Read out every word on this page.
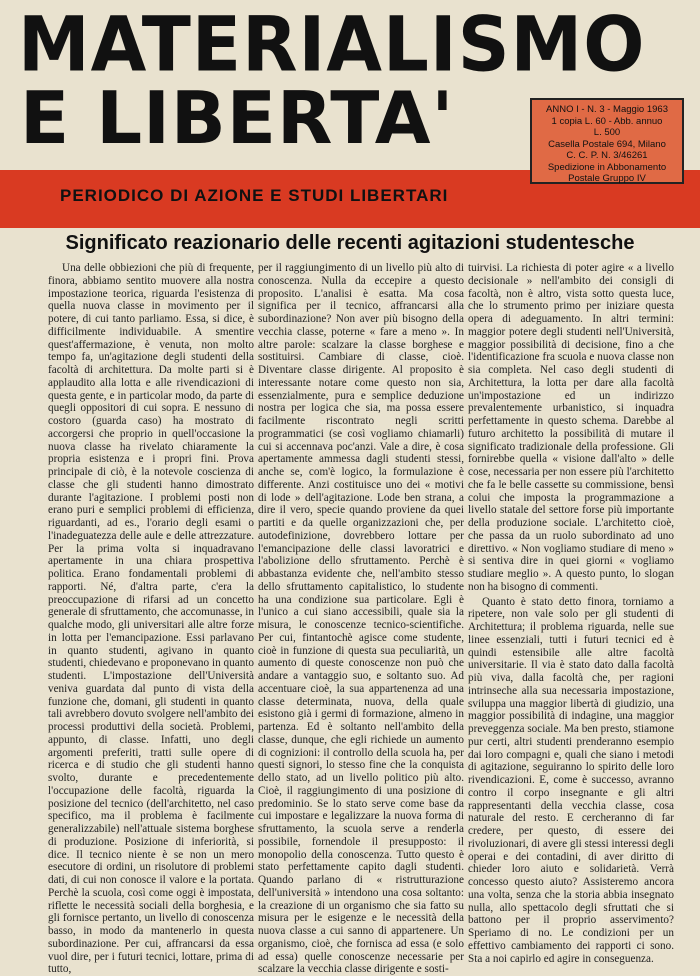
MATERIALISMO
E LIBERTA'
PERIODICO DI AZIONE E STUDI LIBERTARI
ANNO I - N. 3 - Maggio 1963
1 copia L. 60 - Abb. annuo
L. 500
Casella Postale 694, Milano
C. C. P. N. 3/46261
Spedizione in Abbonamento
Postale Gruppo IV
Significato reazionario delle recenti agitazioni studentesche

Una delle obbiezioni che più di frequente, finora, abbiamo sentito muovere alla nostra impostazione teorica, riguarda l'esistenza di quella nuova classe in movimento per il potere, di cui tanto parliamo. Essa, si dice, è difficilmente individuabile. A smentire quest'affermazione, è venuta, non molto tempo fa, un'agitazione degli studenti della facoltà di architettura. Da molte parti si è applaudito alla lotta e alle rivendicazioni di questa gente, e in particolar modo, da parte di quegli oppositori di cui sopra. E nessuno di costoro (guarda caso) ha mostrato di accorgersi che proprio in quell'occasione la nuova classe ha rivelato chiaramente la propria esistenza e i propri fini. Prova principale di ciò, è la notevole coscienza di classe che gli studenti hanno dimostrato durante l'agitazione. I problemi posti non erano puri e semplici problemi di efficienza, riguardanti, ad es., l'orario degli esami o l'inadeguatezza delle aule e delle attrezzature. Per la prima volta si inquadravano apertamente in una chiara prospettiva politica. Erano fondamentali problemi di rapporti. Né, d'altra parte, c'era la preoccupazione di rifarsi ad un concetto generale di sfruttamento, che accomunasse, in qualche modo, gli universitari alle altre forze in lotta per l'emancipazione. Essi parlavano in quanto studenti, agivano in quanto studenti, chiedevano e proponevano in quanto studenti. L'impostazione dell'Università veniva guardata dal punto di vista della funzione che, domani, gli studenti in quanto tali avrebbero dovuto svolgere nell'ambito dei processi produttivi della società. Problemi, appunto, di classe. Infatti, uno degli argomenti preferiti, tratti sulle opere di ricerca e di studio che gli studenti hanno svolto, durante e precedentemente l'occupazione delle facoltà, riguarda la posizione del tecnico (dell'architetto, nel caso specifico, ma il problema è facilmente generalizzabile) nell'attuale sistema borghese di produzione. Posizione di inferiorità, si dice. Il tecnico niente è se non un mero esecutore di ordini, un risolutore di problemi dati, di cui non conosce il valore e la portata. Perchè la scuola, così come oggi è impostata, riflette le necessità sociali della borghesia, e gli fornisce pertanto, un livello di conoscenza basso, in modo da mantenerlo in questa subordinazione. Per cui, affrancarsi da essa vuol dire, per i futuri tecnici, lottare, prima di tutto,

per il raggiungimento di un livello più alto di conoscenza. Nulla da eccepire a questo proposito. L'analisi è esatta. Ma cosa significa per il tecnico, affrancarsi alla subordinazione? Non aver più bisogno della vecchia classe, poterne « fare a meno ». In altre parole: scalzare la classe borghese e sostituirsi. Cambiare di classe, cioè. Diventare classe dirigente. Al proposito è interessante notare come questo non sia, essenzialmente, pura e semplice deduzione nostra per logica che sia, ma possa essere facilmente riscontrato negli scritti programmatici (se così vogliamo chiamarli) cui si accennava poc'anzi. Vale a dire, è cosa apertamente ammessa dagli studenti stessi, anche se, com'è logico, la formulazione è differente. Anzi costituisce uno dei « motivi di lode » dell'agitazione. Lode ben strana, a dire il vero, specie quando proviene da quei partiti e da quelle organizzazioni che, per autodefinizione, dovrebbero lottare per l'emancipazione delle classi lavoratrici e l'abolizione dello sfruttamento. Perchè è abbastanza evidente che, nell'ambito stesso dello sfruttamento capitalistico, lo studente ha una condizione sua particolare. Egli è l'unico a cui siano accessibili, quale sia la misura, le conoscenze tecnico-scientifiche. Per cui, fintantochè agisce come studente, cioè in funzione di questa sua peculiarità, un aumento di queste conoscenze non può che andare a vantaggio suo, e soltanto suo. Ad accentuare cioè, la sua appartenenza ad una classe determinata, nuova, della quale esistono già i germi di formazione, almeno in partenza. Ed è soltanto nell'ambito della classe, dunque, che egli richiede un aumento di cognizioni: il controllo della scuola ha, per questi signori, lo stesso fine che la conquista dello stato, ad un livello politico più alto. Cioè, il raggiungimento di una posizione di predominio. Se lo stato serve come base da cui impostare e legalizzare la nuova forma di sfruttamento, la scuola serve a renderla possibile, fornendole il presupposto: il monopolio della conoscenza. Tutto questo è stato perfettamente capito dagli studenti. Quando parlano di « ristrutturazione dell'università » intendono una cosa soltanto: la creazione di un organismo che sia fatto su misura per le esigenze e le necessità della nuova classe a cui sanno di appartenere. Un organismo, cioè, che fornisca ad essa (e solo ad essa) quelle conoscenze necessarie per scalzare la vecchia classe dirigente e sosti-

tuirvisi. La richiesta di poter agire « a livello decisionale » nell'ambito dei consigli di facoltà, non è altro, vista sotto questa luce, che lo strumento primo per iniziare questa opera di adeguamento. In altri termini: maggior potere degli studenti nell'Università, maggior possibilità di decisione, fino a che l'identificazione fra scuola e nuova classe non sia completa. Nel caso degli studenti di Architettura, la lotta per dare alla facoltà un'impostazione ed un indirizzo prevalentemente urbanistico, si inquadra perfettamente in questo schema. Darebbe al futuro architetto la possibilità di mutare il significato tradizionale della professione. Gli fornirebbe quella « visione dall'alto » delle cose, necessaria per non essere più l'architetto che fa le belle cassette su commissione, bensì colui che imposta la programmazione a livello statale del settore forse più importante della produzione sociale. L'architetto cioè, che passa da un ruolo subordinato ad uno direttivo. « Non vogliamo studiare di meno » si sentiva dire in quei giorni « vogliamo studiare meglio ». A questo punto, lo slogan non ha bisogno di commenti.

Quanto è stato detto finora, torniamo a ripetere, non vale solo per gli studenti di Architettura; il problema riguarda, nelle sue linee essenziali, tutti i futuri tecnici ed è quindi estensibile alle altre facoltà universitarie. Il via è stato dato dalla facoltà più viva, dalla facoltà che, per ragioni intrinseche alla sua necessaria impostazione, sviluppa una maggior libertà di giudizio, una maggior possibilità di indagine, una maggior preveggenza sociale. Ma ben presto, stiamone pur certi, altri studenti prenderanno esempio dai loro compagni e, quali che siano i metodi di agitazione, seguiranno lo spirito delle loro rivendicazioni. E, come è successo, avranno contro il corpo insegnante e gli altri rappresentanti della vecchia classe, cosa naturale del resto. E cercheranno di far credere, per questo, di essere dei rivoluzionari, di avere gli stessi interessi degli operai e dei contadini, di aver diritto di chieder loro aiuto e solidarietà. Verrà concesso questo aiuto? Assisteremo ancora una volta, senza che la storia abbia insegnato nulla, allo spettacolo degli sfruttati che si battono per il proprio asservimento? Speriamo di no. Le condizioni per un effettivo cambiamento dei rapporti ci sono. Sta a noi capirlo ed agire in conseguenza.
